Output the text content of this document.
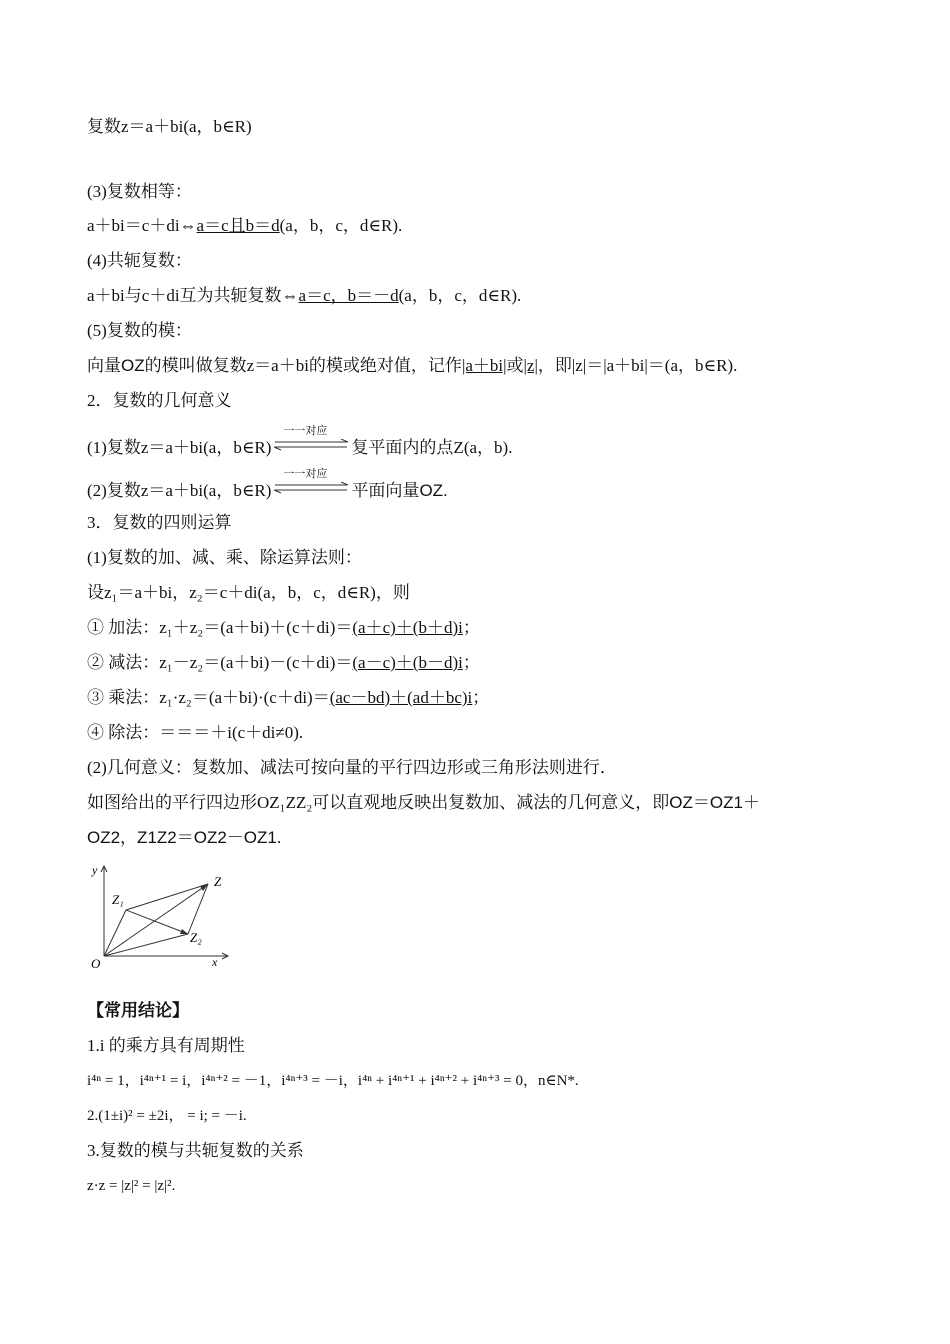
复数z＝a＋bi(a，b∈R)
(3)复数相等：
a＋bi＝c＋di⇔a＝c且b＝d(a，b，c，d∈R).
(4)共轭复数：
a＋bi与c＋di互为共轭复数⇔a＝c，b＝－d(a，b，c，d∈R).
(5)复数的模：
向量OZ的模叫做复数z＝a＋bi的模或绝对值，记作|a＋bi|或|z|，即|z|＝|a＋bi|＝(a，b∈R).
2．复数的几何意义
(1)复数z＝a＋bi(a，b∈R)
一一对应
复平面内的点Z(a，b).
(2)复数z＝a＋bi(a，b∈R)
一一对应
平面向量OZ.
3．复数的四则运算
(1)复数的加、减、乘、除运算法则：
设z₁＝a＋bi，z₂＝c＋di(a，b，c，d∈R)，则
① 加法：z₁＋z₂＝(a＋bi)＋(c＋di)＝(a＋c)＋(b＋d)i；
② 减法：z₁－z₂＝(a＋bi)－(c＋di)＝(a－c)＋(b－d)i；
③ 乘法：z₁·z₂＝(a＋bi)·(c＋di)＝(ac－bd)＋(ad＋bc)i；
④ 除法：＝＝＝＋i(c＋di≠0).
(2)几何意义：复数加、减法可按向量的平行四边形或三角形法则进行．
如图给出的平行四边形OZ₁ZZ₂可以直观地反映出复数加、减法的几何意义，即OZ＝OZ1＋
OZ2，Z1Z2＝OZ2－OZ1.
y
x
O
Z
Z₁
Z₂
【常用结论】
1.i 的乘方具有周期性
i⁴ⁿ = 1，i⁴ⁿ⁺¹ = i，i⁴ⁿ⁺² = －1，i⁴ⁿ⁺³ = －i，i⁴ⁿ + i⁴ⁿ⁺¹ + i⁴ⁿ⁺² + i⁴ⁿ⁺³ = 0，n∈N*.
2.(1±i)² = ±2i， = i; = －i.
3.复数的模与共轭复数的关系
z·z = |z|² = |z|².
